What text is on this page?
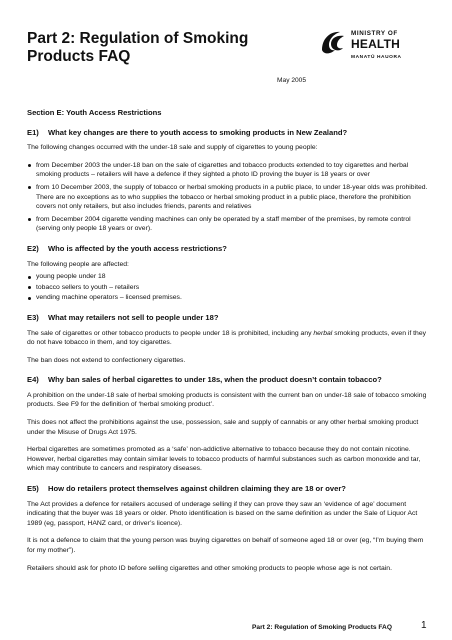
Part 2: Regulation of Smoking Products FAQ
MINISTRY OF
HEALTH
MANATŪ HAUORA
May 2005
Section E: Youth Access Restrictions
E1)	What key changes are there to youth access to smoking products in New Zealand?

The following changes occurred with the under-18 sale and supply of cigarettes to young people:

from December 2003 the under-18 ban on the sale of cigarettes and tobacco products extended to toy cigarettes and herbal smoking products – retailers will have a defence if they sighted a photo ID proving the buyer is 18 years or over
from 10 December 2003, the supply of tobacco or herbal smoking products in a public place, to under 18-year olds was prohibited. There are no exceptions as to who supplies the tobacco or herbal smoking product in a public place, therefore the prohibition covers not only retailers, but also includes friends, parents and relatives
from December 2004 cigarette vending machines can only be operated by a staff member of the premises, by remote control (serving only people 18 years or over).
E2)	Who is affected by the youth access restrictions?

The following people are affected:

young people under 18
tobacco sellers to youth – retailers
vending machine operators – licensed premises.
E3)	What may retailers not sell to people under 18?

The sale of cigarettes or other tobacco products to people under 18 is prohibited, including any herbal smoking products, even if they do not have tobacco in them, and toy cigarettes.

The ban does not extend to confectionery cigarettes.

E4)	Why ban sales of herbal cigarettes to under 18s, when the product doesn’t contain tobacco?

A prohibition on the under-18 sale of herbal smoking products is consistent with the current ban on under-18 sale of tobacco smoking products. See F9 for the definition of ‘herbal smoking product’.

This does not affect the prohibitions against the use, possession, sale and supply of cannabis or any other herbal smoking product under the Misuse of Drugs Act 1975.

Herbal cigarettes are sometimes promoted as a ‘safe’ non-addictive alternative to tobacco because they do not contain nicotine. However, herbal cigarettes may contain similar levels to tobacco products of harmful substances such as carbon monoxide and tar, which may contribute to cancers and respiratory diseases.

E5)	How do retailers protect themselves against children claiming they are 18 or over?

The Act provides a defence for retailers accused of underage selling if they can prove they saw an ‘evidence of age’ document indicating that the buyer was 18 years or older. Photo identification is based on the same definition as under the Sale of Liquor Act 1989 (eg, passport, HANZ card, or driver’s licence).

It is not a defence to claim that the young person was buying cigarettes on behalf of someone aged 18 or over (eg, “I’m buying them for my mother”).

Retailers should ask for photo ID before selling cigarettes and other smoking products to people whose age is not certain.

Part 2: Regulation of Smoking Products FAQ	1
